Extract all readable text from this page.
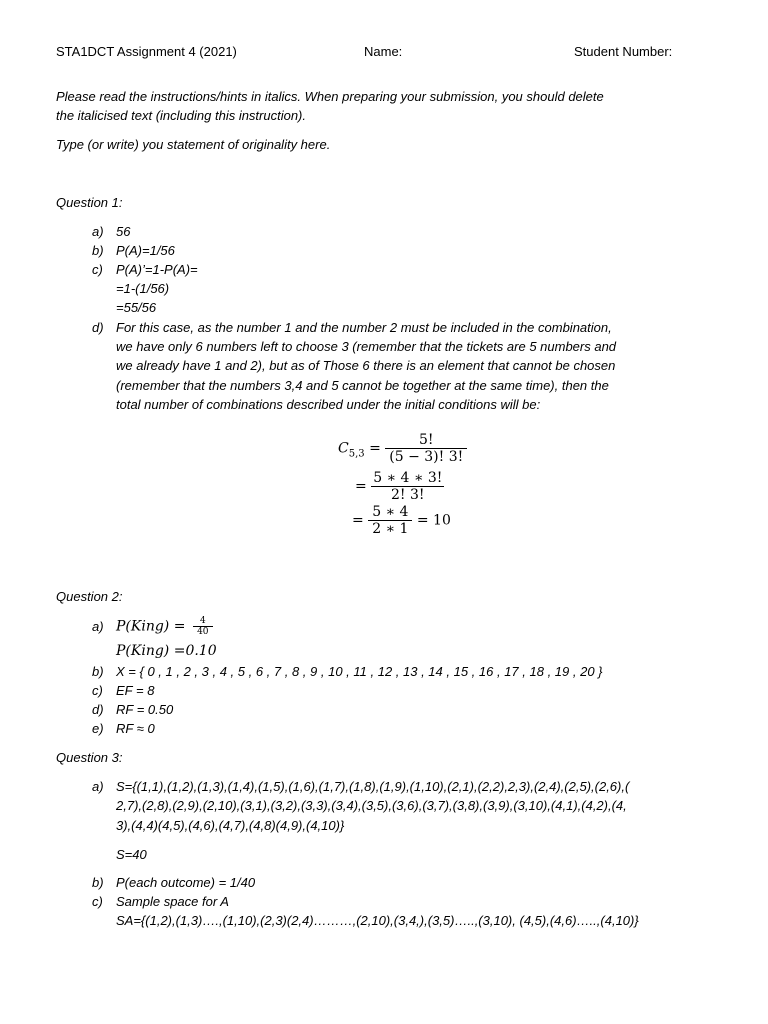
STA1DCT Assignment 4 (2021)	Name:	Student Number:
Please read the instructions/hints in italics. When preparing your submission, you should delete
the italicised text (including this instruction).
Type (or write) you statement of originality here.
Question 1:
a) 56
b) P(A)=1/56
c) P(A)’=1-P(A)=
=1-(1/56)
=55/56
d) For this case, as the number 1 and the number 2 must be included in the combination,
we have only 6 numbers left to choose 3 (remember that the tickets are 5 numbers and
we already have 1 and 2), but as of Those 6 there is an element that cannot be chosen
(remember that the numbers 3,4 and 5 cannot be together at the same time), then the
total number of combinations described under the initial conditions will be:
$C_{5,3} = \frac{5!}{(5 - 3)! 3!}$
= $\frac{5 ∗ 4 ∗ 3!}{2! 3!}$
= $\frac{5 ∗ 4}{2 ∗ 1} = 10$
Question 2:
a) P(King) = $\frac{4}{40}$
P(King) =0.10
b) X = { 0 , 1 , 2 , 3 , 4 , 5 , 6 , 7 , 8 , 9 , 10 , 11 , 12 , 13 , 14 , 15 , 16 , 17 , 18 , 19 , 20 }
c) EF = 8
d) RF = 0.50
e) RF ≈ 0
Question 3:
a) S={(1,1),(1,2),(1,3),(1,4),(1,5),(1,6),(1,7),(1,8),(1,9),(1,10),(2,1),(2,2),2,3),(2,4),(2,5),(2,6),(
2,7),(2,8),(2,9),(2,10),(3,1),(3,2),(3,3),(3,4),(3,5),(3,6),(3,7),(3,8),(3,9),(3,10),(4,1),(4,2),(4,
3),(4,4)(4,5),(4,6),(4,7),(4,8)(4,9),(4,10)}
S=40
b) P(each outcome) = 1/40
c) Sample space for A
SA={(1,2),(1,3)….,(1,10),(2,3)(2,4)………,(2,10),(3,4,),(3,5)…..,(3,10), (4,5),(4,6)…..,(4,10)}
